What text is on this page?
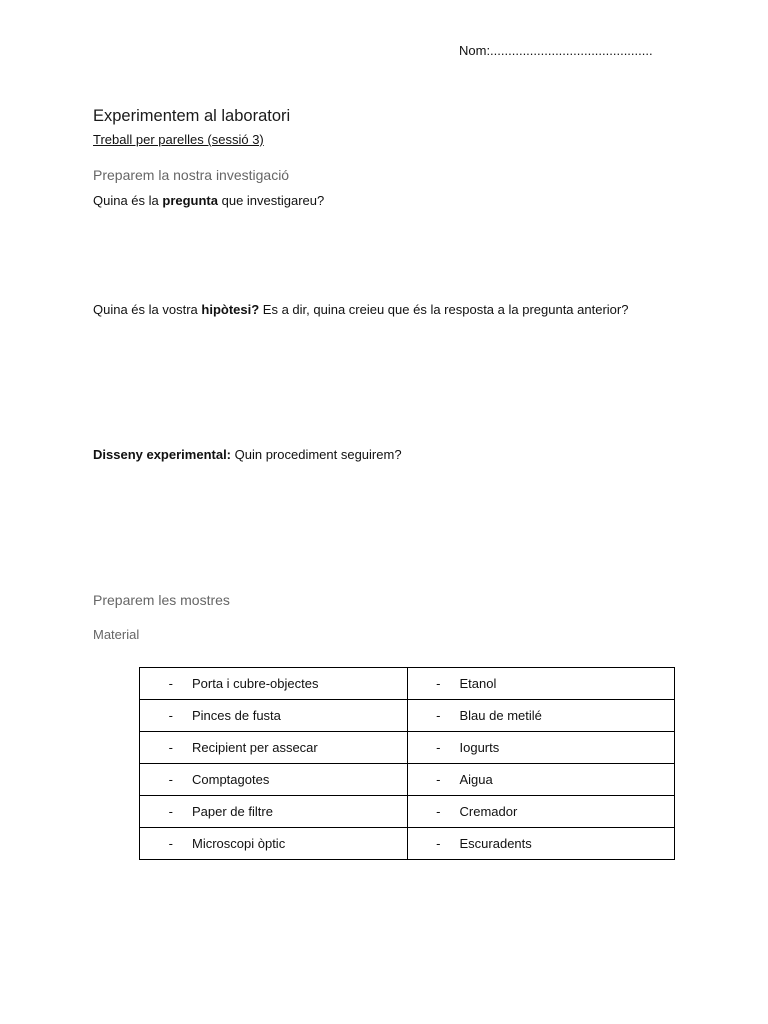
Nom:.............................................
Experimentem al laboratori
Treball per parelles (sessió 3)
Preparem la nostra investigació
Quina és la pregunta que investigareu?
Quina és la vostra hipòtesi? Es a dir, quina creieu que és la resposta a la pregunta anterior?
Disseny experimental: Quin procediment seguirem?
Preparem les mostres
Material
- Porta i cubre-objectes	- Etanol

- Pinces de fusta	- Blau de metilé

- Recipient per assecar	- Iogurts

- Comptagotes	- Aigua

- Paper de filtre	- Cremador

- Microscopi òptic	- Escuradents
